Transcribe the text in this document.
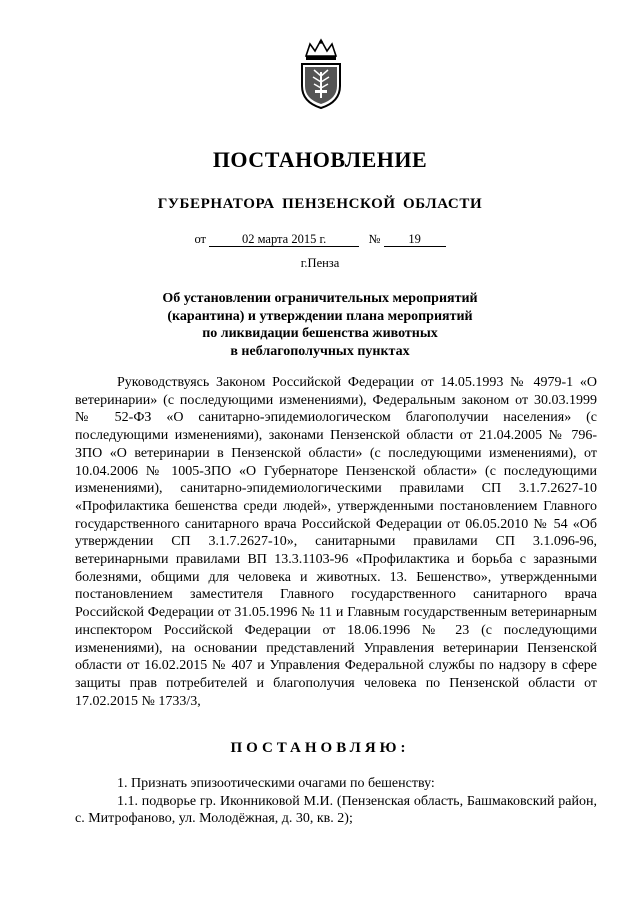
ПОСТАНОВЛЕНИЕ
ГУБЕРНАТОРА ПЕНЗЕНСКОЙ ОБЛАСТИ
от	02 марта 2015 г.	№ 19
г.Пенза
Об установлении ограничительных мероприятий
(карантина) и утверждении плана мероприятий
по ликвидации бешенства животных
в неблагополучных пунктах

Руководствуясь Законом Российской Федерации от 14.05.1993 № 4979-1 «О ветеринарии» (с последующими изменениями), Федеральным законом от 30.03.1999 № 52-ФЗ «О санитарно-эпидемиологическом благополучии населения» (с последующими изменениями), законами Пензенской области от 21.04.2005 № 796-ЗПО «О ветеринарии в Пензенской области» (с последующими изменениями), от 10.04.2006 № 1005-ЗПО «О Губернаторе Пензенской области» (с последующими изменениями), санитарно-эпидемиологическими правилами СП 3.1.7.2627-10 «Профилактика бешенства среди людей», утвержденными постановлением Главного государственного санитарного врача Российской Федерации от 06.05.2010 № 54 «Об утверждении СП 3.1.7.2627-10», санитарными правилами СП 3.1.096-96, ветеринарными правилами ВП 13.3.1103-96 «Профилактика и борьба с заразными болезнями, общими для человека и животных. 13. Бешенство», утвержденными постановлением заместителя Главного государственного санитарного врача Российской Федерации от 31.05.1996 № 11 и Главным государственным ветеринарным инспектором Российской Федерации от 18.06.1996 № 23 (с последующими изменениями), на основании представлений Управления ветеринарии Пензенской области от 16.02.2015 № 407 и Управления Федеральной службы по надзору в сфере защиты прав потребителей и благополучия человека по Пензенской области от 17.02.2015 № 1733/3,

ПОСТАНОВЛЯЮ:

1. Признать эпизоотическими очагами по бешенству:

1.1. подворье гр. Иконниковой М.И. (Пензенская область, Башмаковский район, с. Митрофаново, ул. Молодёжная, д. 30, кв. 2);
